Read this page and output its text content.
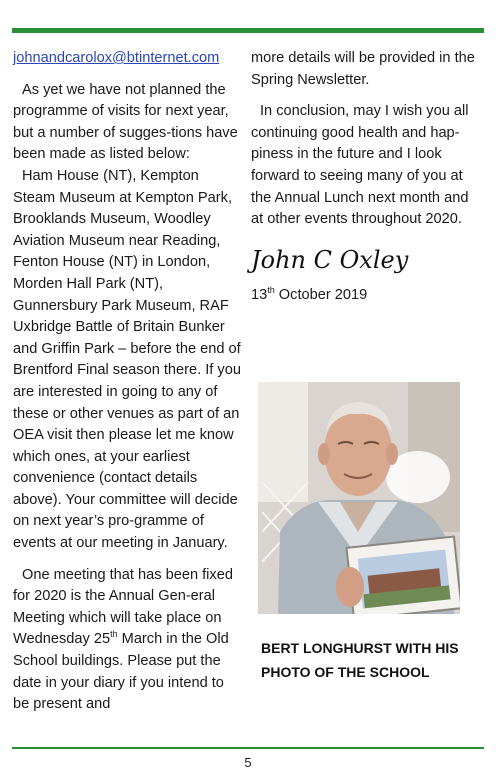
johnandcarolox@btinternet.com

As yet we have not planned the programme of visits for next year, but a number of sugges-tions have been made as listed below:

Ham House (NT), Kempton Steam Museum at Kempton Park, Brooklands Museum, Woodley Aviation Museum near Reading, Fenton House (NT) in London, Morden Hall Park (NT), Gunnersbury Park Museum, RAF Uxbridge Battle of Britain Bunker and Griffin Park – before the end of Brentford Final season there. If you are interested in going to any of these or other venues as part of an OEA visit then please let me know which ones, at your earliest convenience (contact details above). Your committee will decide on next year’s pro-gramme of events at our meeting in January.

One meeting that has been fixed for 2020 is the Annual Gen-eral Meeting which will take place on Wednesday 25th March in the Old School buildings. Please put the date in your diary if you intend to be present and

more details will be provided in the Spring Newsletter.

In conclusion, may I wish you all continuing good health and hap-piness in the future and I look forward to seeing many of you at the Annual Lunch next month and at other events throughout 2020.

John C Oxley

13th October 2019

BERT LONGHURST WITH HIS PHOTO OF THE SCHOOL
5
